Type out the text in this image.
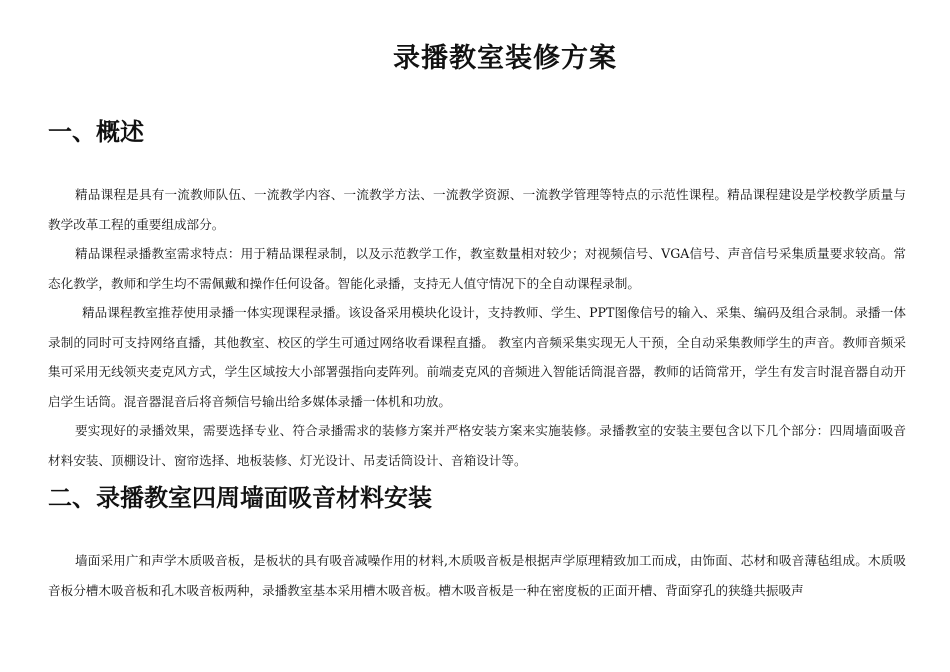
录播教室装修方案
一、概述

精品课程是具有一流教师队伍、一流教学内容、一流教学方法、一流教学资源、一流教学管理等特点的示范性课程。精品课程建设是学校教学质量与教学改革工程的重要组成部分。

精品课程录播教室需求特点：用于精品课程录制，以及示范教学工作，教室数量相对较少；对视频信号、VGA信号、声音信号采集质量要求较高。常态化教学，教师和学生均不需佩戴和操作任何设备。智能化录播，支持无人值守情况下的全自动课程录制。

精品课程教室推荐使用录播一体实现课程录播。该设备采用模块化设计，支持教师、学生、PPT图像信号的输入、采集、编码及组合录制。录播一体录制的同时可支持网络直播，其他教室、校区的学生可通过网络收看课程直播。 教室内音频采集实现无人干预，全自动采集教师学生的声音。教师音频采集可采用无线领夹麦克风方式，学生区域按大小部署强指向麦阵列。前端麦克风的音频进入智能话筒混音器，教师的话筒常开，学生有发言时混音器自动开启学生话筒。混音器混音后将音频信号输出给多媒体录播一体机和功放。

要实现好的录播效果，需要选择专业、符合录播需求的装修方案并严格安装方案来实施装修。录播教室的安装主要包含以下几个部分：四周墙面吸音材料安装、顶棚设计、窗帘选择、地板装修、灯光设计、吊麦话筒设计、音箱设计等。

二、录播教室四周墙面吸音材料安装

墙面采用广和声学木质吸音板，是板状的具有吸音减噪作用的材料,木质吸音板是根据声学原理精致加工而成，由饰面、芯材和吸音薄毡组成。木质吸音板分槽木吸音板和孔木吸音板两种，录播教室基本采用槽木吸音板。槽木吸音板是一种在密度板的正面开槽、背面穿孔的狭缝共振吸声
